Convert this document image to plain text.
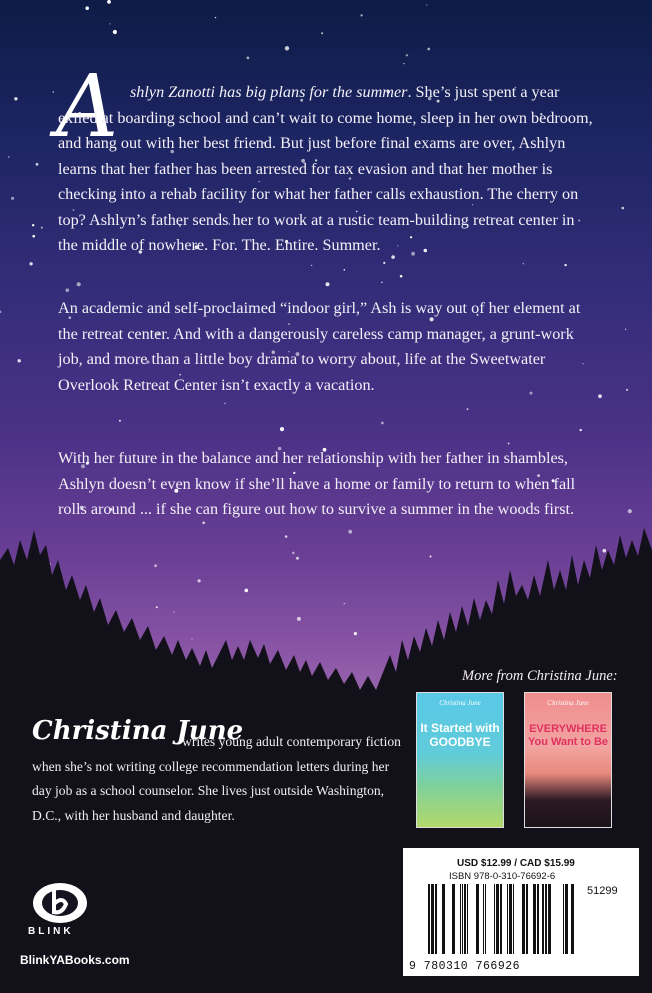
A shlyn Zanotti has big plans for the summer. She’s just spent a year exiled at boarding school and can’t wait to come home, sleep in her own bedroom, and hang out with her best friend. But just before final exams are over, Ashlyn learns that her father has been arrested for tax evasion and that her mother is checking into a rehab facility for what her father calls exhaustion. The cherry on top? Ashlyn’s father sends her to work at a rustic team-building retreat center in the middle of nowhere. For. The. Entire. Summer.

An academic and self-proclaimed “indoor girl,” Ash is way out of her element at the retreat center. And with a dangerously careless camp manager, a grunt-work job, and more than a little boy drama to worry about, life at the Sweetwater Overlook Retreat Center isn’t exactly a vacation.

With her future in the balance and her relationship with her father in shambles, Ashlyn doesn’t even know if she’ll have a home or family to return to when fall rolls around ... if she can figure out how to survive a summer in the woods first.

More from Christina June:
Christina June
It Started with GOODBYE
Christina June
EVERYWHERE You Want to Be
Christina June

writes young adult contemporary fiction when she’s not writing college recommendation letters during her day job as a school counselor. She lives just outside Washington, D.C., with her husband and daughter.

BLINK
BlinkYABooks.com
USD $12.99 / CAD $15.99
ISBN 978-0-310-76692-6
51299
9 780310 766926
